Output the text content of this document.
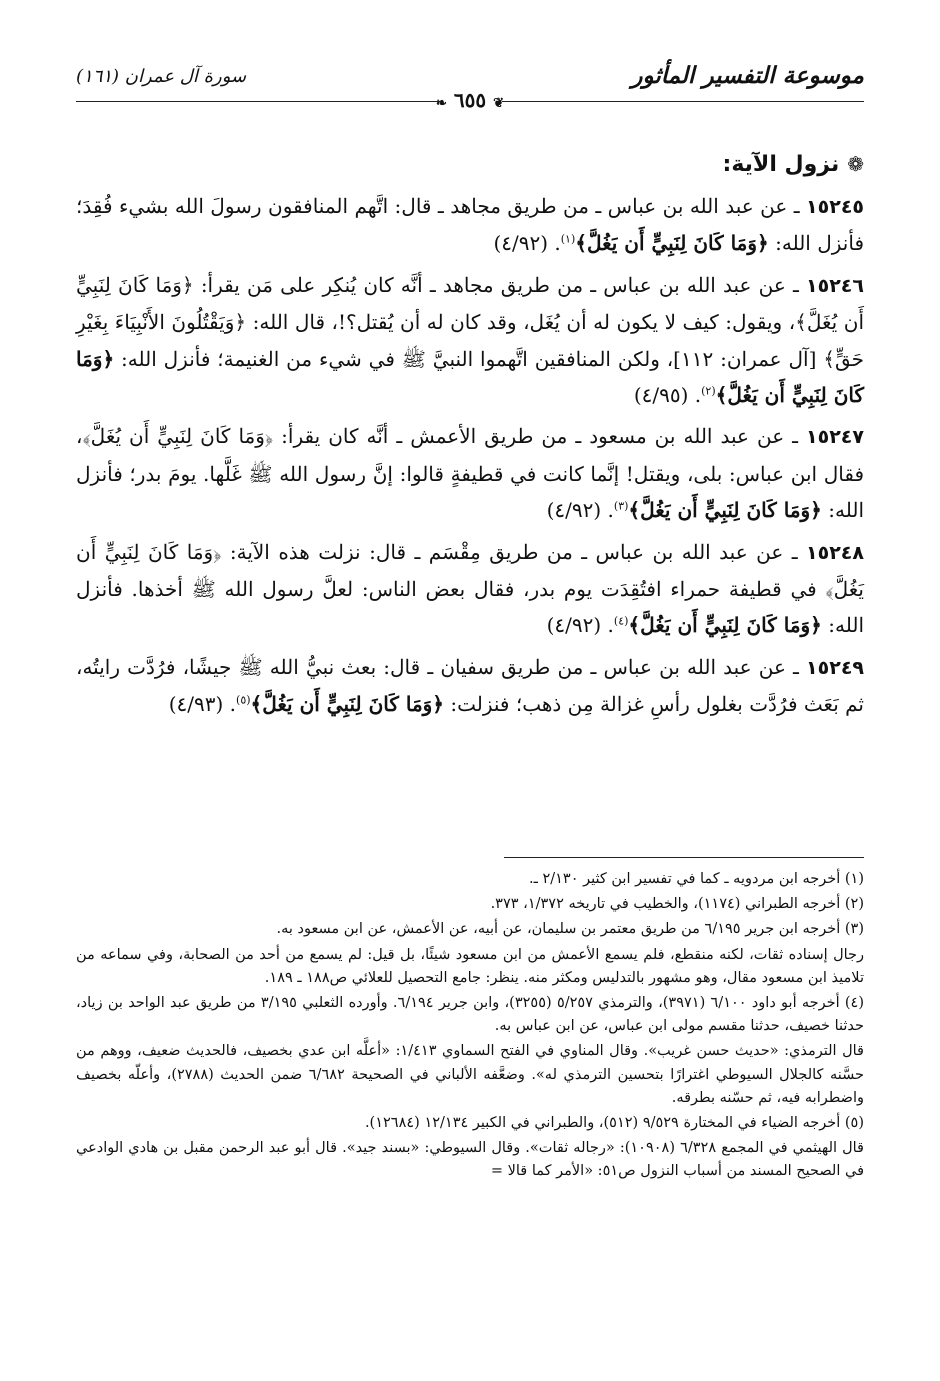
موسوعة التفسير المأثور
سورة آل عمران (١٦١)
❦ ٦٥٥ ❧
❁نزول الآية:

١٥٢٤٥ ـ عن عبد الله بن عباس ـ من طريق مجاهد ـ قال: اتَّهم المنافقون رسولَ الله بشيء فُقِدَ؛ فأنزل الله: ﴿وَمَا كَانَ لِنَبِيٍّ أَن يَغُلَّ﴾$^{(١)}$. (٤/٩٢)

١٥٢٤٦ ـ عن عبد الله بن عباس ـ من طريق مجاهد ـ أنَّه كان يُنكِر على مَن يقرأ: ﴿وَمَا كَانَ لِنَبِيٍّ أَن يُغَلَّ﴾، ويقول: كيف لا يكون له أن يُغَل، وقد كان له أن يُقتل؟!، قال الله: ﴿وَيَقْتُلُونَ الأَنْبِيَاءَ بِغَيْرِ حَقٍّ﴾ [آل عمران: ١١٢]، ولكن المنافقين اتَّهموا النبيَّ ﷺ في شيء من الغنيمة؛ فأنزل الله: ﴿وَمَا كَانَ لِنَبِيٍّ أَن يَغُلَّ﴾$^{(٢)}$. (٤/٩٥)

١٥٢٤٧ ـ عن عبد الله بن مسعود ـ من طريق الأعمش ـ أنَّه كان يقرأ: ﴿وَمَا كَانَ لِنَبِيٍّ أَن يُغَلَّ﴾، فقال ابن عباس: بلى، ويقتل! إنَّما كانت في قطيفةٍ قالوا: إنَّ رسول الله ﷺ غَلَّها. يومَ بدر؛ فأنزل الله: ﴿وَمَا كَانَ لِنَبِيٍّ أَن يَغُلَّ﴾$^{(٣)}$. (٤/٩٢)

١٥٢٤٨ ـ عن عبد الله بن عباس ـ من طريق مِقْسَم ـ قال: نزلت هذه الآية: ﴿وَمَا كَانَ لِنَبِيٍّ أَن يَغُلَّ﴾ في قطيفة حمراء افتُقِدَت يوم بدر، فقال بعض الناس: لعلَّ رسول الله ﷺ أخذها. فأنزل الله: ﴿وَمَا كَانَ لِنَبِيٍّ أَن يَغُلَّ﴾$^{(٤)}$. (٤/٩٢)

١٥٢٤٩ ـ عن عبد الله بن عباس ـ من طريق سفيان ـ قال: بعث نبيُّ الله ﷺ جيشًا، فرُدَّت رايتُه، ثم بَعَث فرُدَّت بغلول رأسِ غزالة مِن ذهب؛ فنزلت: ﴿وَمَا كَانَ لِنَبِيٍّ أَن يَغُلَّ﴾$^{(٥)}$. (٤/٩٣)

(١) أخرجه ابن مردويه ـ كما في تفسير ابن كثير ٢/١٣٠ ـ.

(٢) أخرجه الطبراني (١١٧٤)، والخطيب في تاريخه ١/٣٧٢، ٣٧٣.

(٣) أخرجه ابن جرير ٦/١٩٥ من طريق معتمر بن سليمان، عن أبيه، عن الأعمش، عن ابن مسعود به.

رجال إسناده ثقات، لكنه منقطع، فلم يسمع الأعمش من ابن مسعود شيئًا، بل قيل: لم يسمع من أحد من الصحابة، وفي سماعه من تلاميذ ابن مسعود مقال، وهو مشهور بالتدليس ومكثر منه. ينظر: جامع التحصيل للعلائي ص١٨٨ ـ ١٨٩.

(٤) أخرجه أبو داود ٦/١٠٠ (٣٩٧١)، والترمذي ٥/٢٥٧ (٣٢٥٥)، وابن جرير ٦/١٩٤. وأورده الثعلبي ٣/١٩٥ من طريق عبد الواحد بن زياد، حدثنا خصيف، حدثنا مقسم مولى ابن عباس، عن ابن عباس به.

قال الترمذي: «حديث حسن غريب». وقال المناوي في الفتح السماوي ١/٤١٣: «أعلَّه ابن عدي بخصيف، فالحديث ضعيف، ووهم من حسَّنه كالجلال السيوطي اغترارًا بتحسين الترمذي له». وضعَّفه الألباني في الصحيحة ٦/٦٨٢ ضمن الحديث (٢٧٨٨)، وأعلّه بخصيف واضطرابه فيه، ثم حسّنه بطرقه.

(٥) أخرجه الضياء في المختارة ٩/٥٢٩ (٥١٢)، والطبراني في الكبير ١٢/١٣٤ (١٢٦٨٤).

قال الهيثمي في المجمع ٦/٣٢٨ (١٠٩٠٨): «رجاله ثقات». وقال السيوطي: «بسند جيد». قال أبو عبد الرحمن مقبل بن هادي الوادعي في الصحيح المسند من أسباب النزول ص٥١: «الأمر كما قالا =
